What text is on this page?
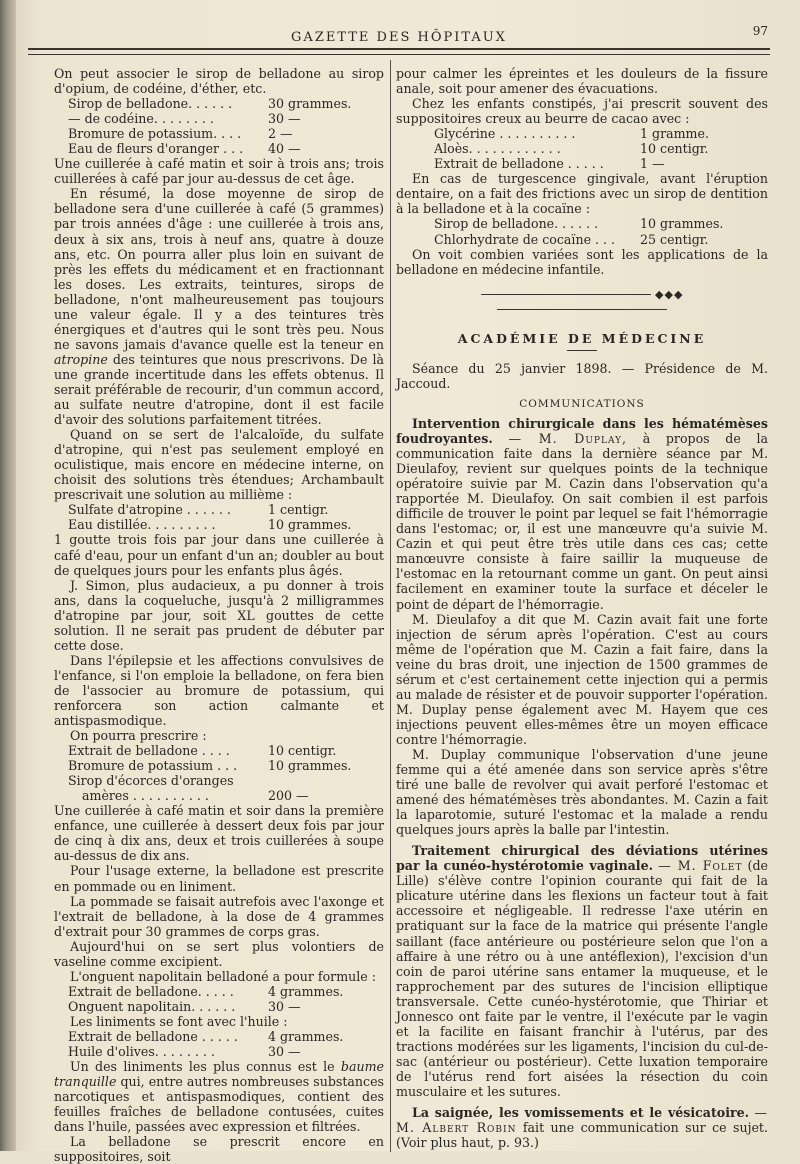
GAZETTE DES HÔPITAUX	97

On peut associer le sirop de belladone au sirop d'opium, de codéine, d'éther, etc.

Sirop de belladone. . . . . .	30 grammes.
— de codéine. . . . . . . .	30 —
Bromure de potassium. . . .	2 —
Eau de fleurs d'oranger . . .	40 —

Une cuillerée à café matin et soir à trois ans; trois cuillerées à café par jour au-dessus de cet âge.

En résumé, la dose moyenne de sirop de belladone sera d'une cuillerée à café (5 grammes) par trois années d'âge : une cuillerée à trois ans, deux à six ans, trois à neuf ans, quatre à douze ans, etc. On pourra aller plus loin en suivant de près les effets du médicament et en fractionnant les doses. Les extraits, teintures, sirops de belladone, n'ont malheureusement pas toujours une valeur égale. Il y a des teintures très énergiques et d'autres qui le sont très peu. Nous ne savons jamais d'avance quelle est la teneur en atropine des teintures que nous prescrivons. De là une grande incertitude dans les effets obtenus. Il serait préférable de recourir, d'un commun accord, au sulfate neutre d'atropine, dont il est facile d'avoir des solutions parfaitement titrées.

Quand on se sert de l'alcaloïde, du sulfate d'atropine, qui n'est pas seulement employé en oculistique, mais encore en médecine interne, on choisit des solutions très étendues; Archambault prescrivait une solution au millième :

Sulfate d'atropine . . . . . .	1 centigr.
Eau distillée. . . . . . . . .	10 grammes.

1 goutte trois fois par jour dans une cuillerée à café d'eau, pour un enfant d'un an; doubler au bout de quelques jours pour les enfants plus âgés.

J. Simon, plus audacieux, a pu donner à trois ans, dans la coqueluche, jusqu'à 2 milligrammes d'atropine par jour, soit XL gouttes de cette solution. Il ne serait pas prudent de débuter par cette dose.

Dans l'épilepsie et les affections convulsives de l'enfance, si l'on emploie la belladone, on fera bien de l'associer au bromure de potassium, qui renforcera son action calmante et antispasmodique.

On pourra prescrire :

Extrait de belladone . . . .	10 centigr.
Bromure de potassium . . .	10 grammes.
Sirop d'écorces d'oranges
amères . . . . . . . . . .	200 —

Une cuillerée à café matin et soir dans la première enfance, une cuillerée à dessert deux fois par jour de cinq à dix ans, deux et trois cuillerées à soupe au-dessus de dix ans.

Pour l'usage externe, la belladone est prescrite en pommade ou en liniment.

La pommade se faisait autrefois avec l'axonge et l'extrait de belladone, à la dose de 4 grammes d'extrait pour 30 grammes de corps gras.

Aujourd'hui on se sert plus volontiers de vaseline comme excipient.

L'onguent napolitain belladoné a pour formule :

Extrait de belladone. . . . .	4 grammes.
Onguent napolitain. . . . . .	30 —

Les liniments se font avec l'huile :

Extrait de belladone . . . . .	4 grammes.
Huile d'olives. . . . . . . .	30 —

Un des liniments les plus connus est le baume tranquille qui, entre autres nombreuses substances narcotiques et antispasmodiques, contient des feuilles fraîches de belladone contusées, cuites dans l'huile, passées avec expression et filtrées.

La belladone se prescrit encore en suppositoires, soit

pour calmer les épreintes et les douleurs de la fissure anale, soit pour amener des évacuations.

Chez les enfants constipés, j'ai prescrit souvent des suppositoires creux au beurre de cacao avec :

Glycérine . . . . . . . . . .	1 gramme.
Aloès. . . . . . . . . . . .	10 centigr.
Extrait de belladone . . . . .	1 —

En cas de turgescence gingivale, avant l'éruption dentaire, on a fait des frictions avec un sirop de dentition à la belladone et à la cocaïne :

Sirop de belladone. . . . . .	10 grammes.
Chlorhydrate de cocaïne . . .	25 centigr.

On voit combien variées sont les applications de la belladone en médecine infantile.

◆◆◆
ACADÉMIE DE MÉDECINE

Séance du 25 janvier 1898. — Présidence de M. Jaccoud.

COMMUNICATIONS

Intervention chirurgicale dans les hématémèses foudroyantes. — M. Duplay, à propos de la communication faite dans la dernière séance par M. Dieulafoy, revient sur quelques points de la technique opératoire suivie par M. Cazin dans l'observation qu'a rapportée M. Dieulafoy. On sait combien il est parfois difficile de trouver le point par lequel se fait l'hémorragie dans l'estomac; or, il est une manœuvre qu'a suivie M. Cazin et qui peut être très utile dans ces cas; cette manœuvre consiste à faire saillir la muqueuse de l'estomac en la retournant comme un gant. On peut ainsi facilement en examiner toute la surface et déceler le point de départ de l'hémorragie.

M. Dieulafoy a dit que M. Cazin avait fait une forte injection de sérum après l'opération. C'est au cours même de l'opération que M. Cazin a fait faire, dans la veine du bras droit, une injection de 1500 grammes de sérum et c'est certainement cette injection qui a permis au malade de résister et de pouvoir supporter l'opération. M. Duplay pense également avec M. Hayem que ces injections peuvent elles-mêmes être un moyen efficace contre l'hémorragie.

M. Duplay communique l'observation d'une jeune femme qui a été amenée dans son service après s'être tiré une balle de revolver qui avait perforé l'estomac et amené des hématémèses très abondantes. M. Cazin a fait la laparotomie, suturé l'estomac et la malade a rendu quelques jours après la balle par l'intestin.

Traitement chirurgical des déviations utérines par la cunéo-hystérotomie vaginale. — M. Folet (de Lille) s'élève contre l'opinion courante qui fait de la plicature utérine dans les flexions un facteur tout à fait accessoire et négligeable. Il redresse l'axe utérin en pratiquant sur la face de la matrice qui présente l'angle saillant (face antérieure ou postérieure selon que l'on a affaire à une rétro ou à une antéflexion), l'excision d'un coin de paroi utérine sans entamer la muqueuse, et le rapprochement par des sutures de l'incision elliptique transversale. Cette cunéo-hystérotomie, que Thiriar et Jonnesco ont faite par le ventre, il l'exécute par le vagin et la facilite en faisant franchir à l'utérus, par des tractions modérées sur les ligaments, l'incision du cul-de-sac (antérieur ou postérieur). Cette luxation temporaire de l'utérus rend fort aisées la résection du coin musculaire et les sutures.

La saignée, les vomissements et le vésicatoire. — M. Albert Robin fait une communication sur ce sujet. (Voir plus haut, p. 93.)
